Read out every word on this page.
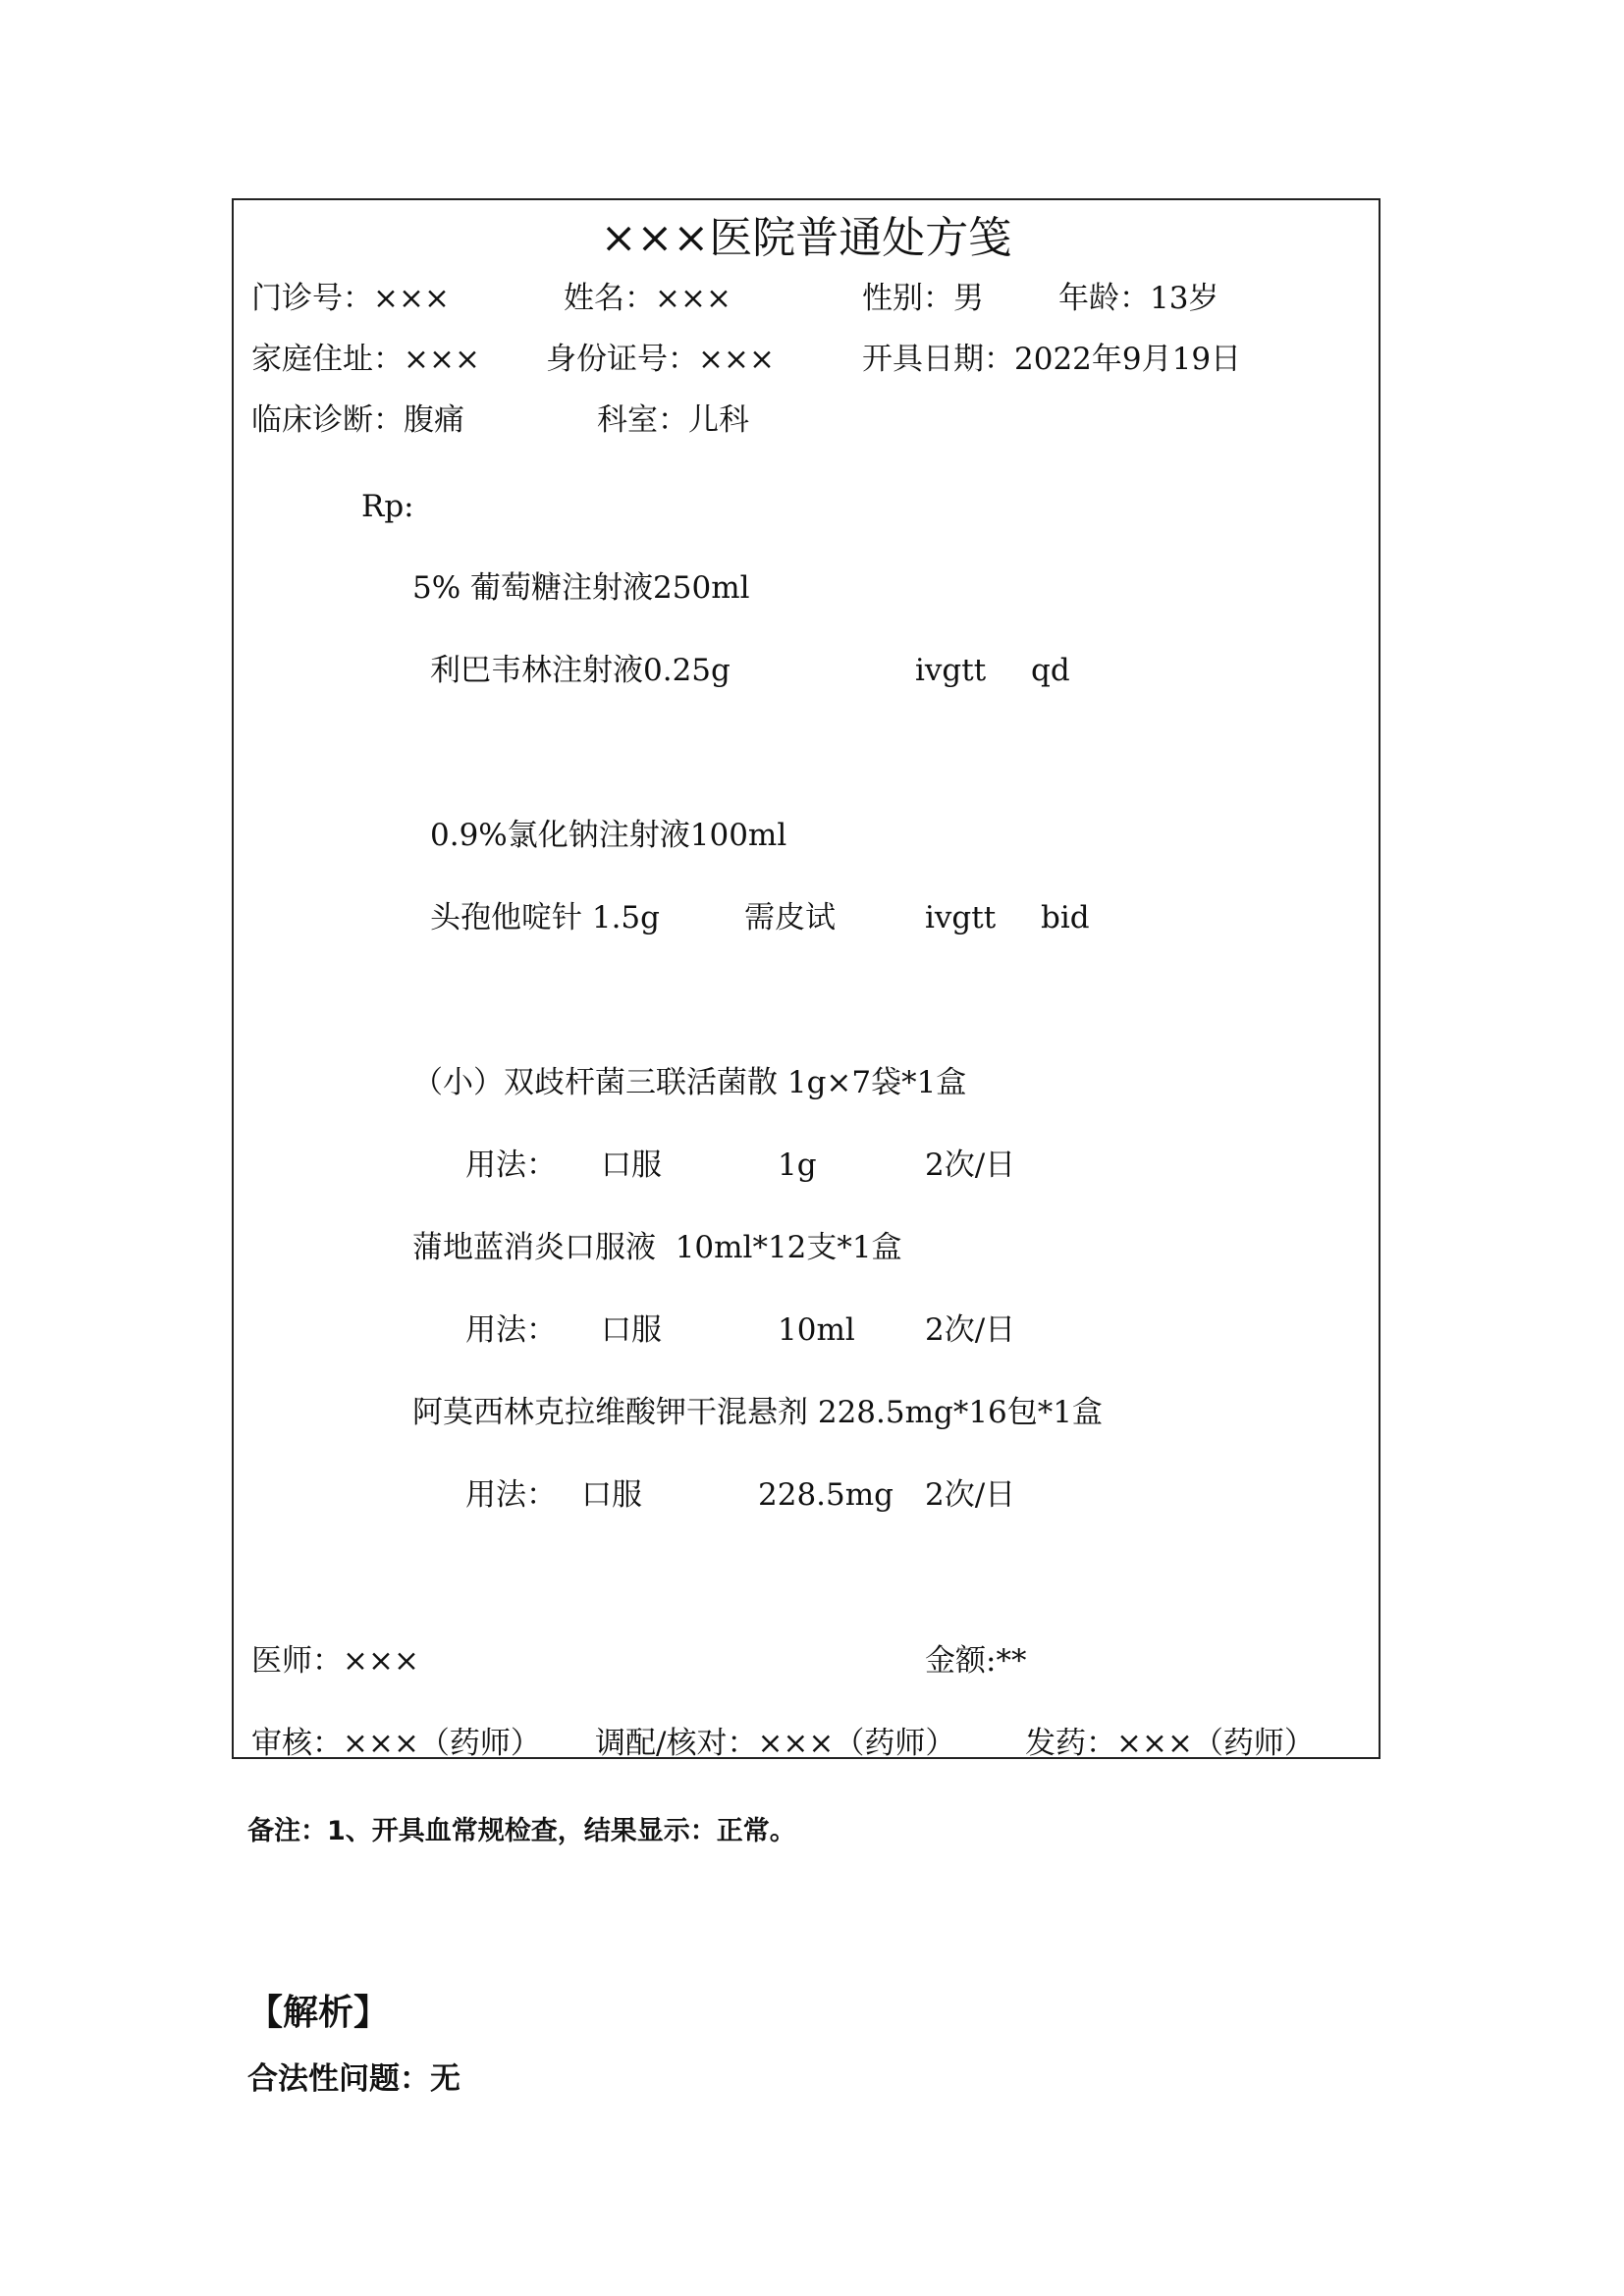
×××医院普通处方笺
门诊号：×××	姓名：×××	性别：男 年龄：13岁
家庭住址：××× 身份证号：×××	开具日期：2022年9月19日
临床诊断：腹痛	科室：儿科
Rp:
5% 葡萄糖注射液250ml
利巴韦林注射液0.25g	ivgtt qd
0.9%氯化钠注射液100ml
头孢他啶针 1.5g	需皮试	ivgtt bid
（小）双歧杆菌三联活菌散 1g×7袋*1盒
用法： 口服	1g	2次/日
蒲地蓝消炎口服液  10ml*12支*1盒
用法： 口服	10ml 2次/日
阿莫西林克拉维酸钾干混悬剂 228.5mg*16包*1盒
用法： 口服	228.5mg 2次/日
医师：×××	金额:**
审核：×××（药师） 调配/核对：×××（药师） 发药：×××（药师）
备注：1、开具血常规检查，结果显示：正常。
【解析】
合法性问题：无
